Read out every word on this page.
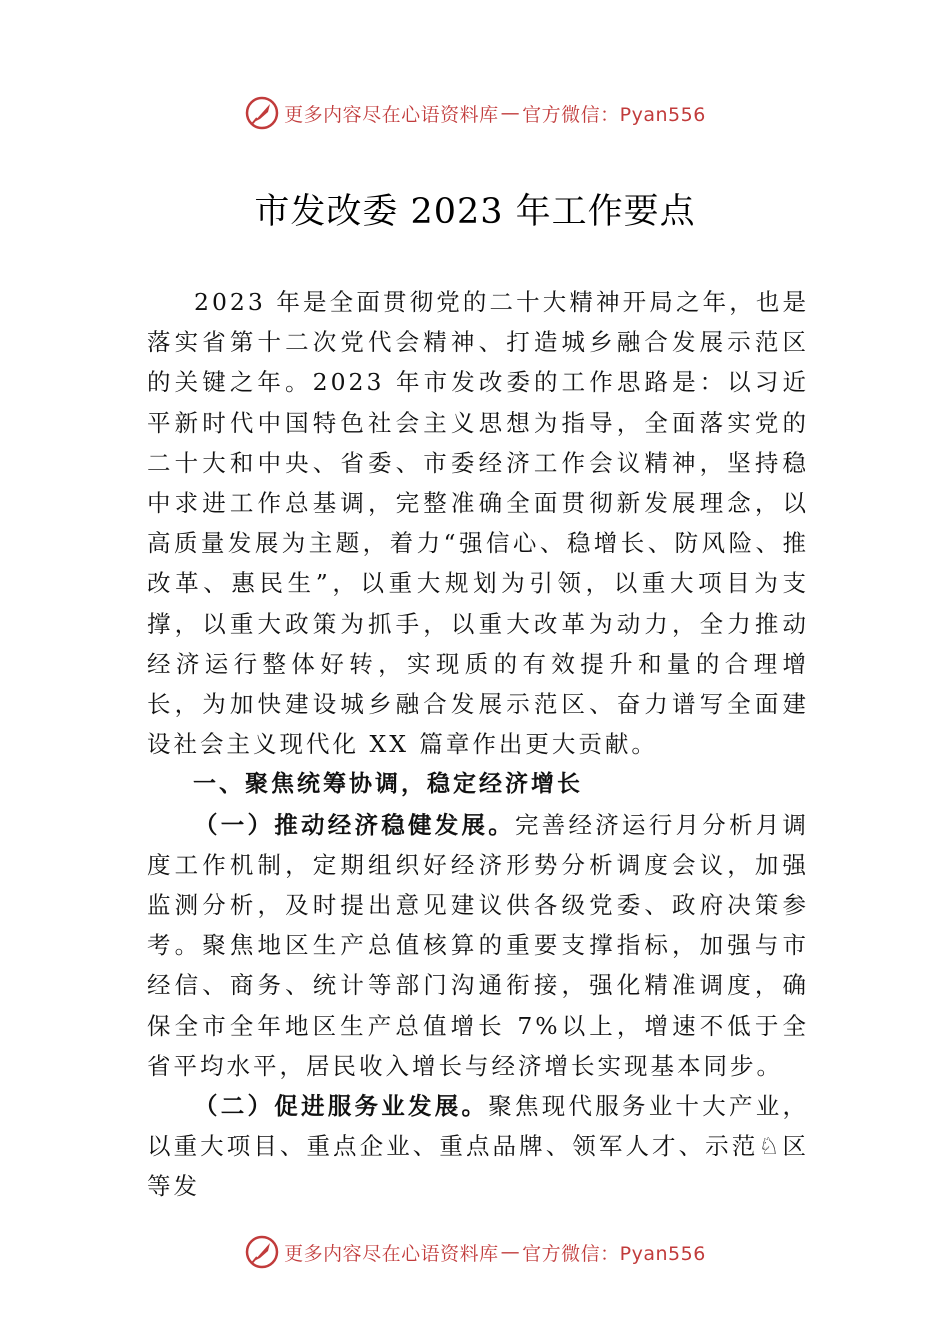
更多内容尽在心语资料库 — 官方微信：Pyan556
市发改委 2023 年工作要点

2023 年是全面贯彻党的二十大精神开局之年，也是落实省第十二次党代会精神、打造城乡融合发展示范区的关键之年。2023 年市发改委的工作思路是：以习近平新时代中国特色社会主义思想为指导，全面落实党的二十大和中央、省委、市委经济工作会议精神，坚持稳中求进工作总基调，完整准确全面贯彻新发展理念，以高质量发展为主题，着力“强信心、稳增长、防风险、推改革、惠民生”，以重大规划为引领，以重大项目为支撑，以重大政策为抓手，以重大改革为动力，全力推动经济运行整体好转，实现质的有效提升和量的合理增长，为加快建设城乡融合发展示范区、奋力谱写全面建设社会主义现代化 XX 篇章作出更大贡献。

一、聚焦统筹协调，稳定经济增长

（一）推动经济稳健发展。完善经济运行月分析月调度工作机制，定期组织好经济形势分析调度会议，加强监测分析，及时提出意见建议供各级党委、政府决策参考。聚焦地区生产总值核算的重要支撑指标，加强与市经信、商务、统计等部门沟通衔接，强化精准调度，确保全市全年地区生产总值增长 7%以上，增速不低于全省平均水平，居民收入增长与经济增长实现基本同步。

（二）促进服务业发展。聚焦现代服务业十大产业，以重大项目、重点企业、重点品牌、领军人才、示范♘区等发

更多内容尽在心语资料库 — 官方微信：Pyan556
